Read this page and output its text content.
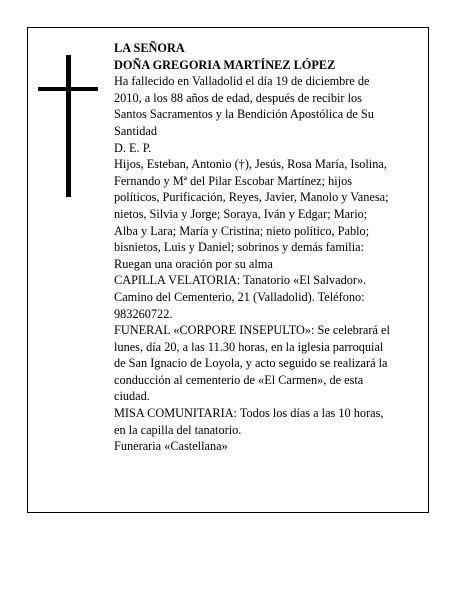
LA SEÑORA
DOÑA GREGORIA MARTÍNEZ LÓPEZ
Ha fallecido en Valladolid el día 19 de diciembre de
2010, a los 88 años de edad, después de recibir los
Santos Sacramentos y la Bendición Apostólica de Su
Santidad
D. E. P.
Hijos, Esteban, Antonio (†), Jesús, Rosa María, Isolina,
Fernando y Mª del Pilar Escobar Martínez; hijos
políticos, Purificación, Reyes, Javier, Manolo y Vanesa;
nietos, Silvia y Jorge; Soraya, Iván y Edgar; Mario;
Alba y Lara; María y Cristina; nieto político, Pablo;
bisnietos, Luis y Daniel; sobrinos y demás familia:
Ruegan una oración por su alma
CAPILLA VELATORIA: Tanatorio «El Salvador».
Camino del Cementerio, 21 (Valladolid). Teléfono:
983260722.
FUNERAL «CORPORE INSEPULTO»: Se celebrará el
lunes, día 20, a las 11.30 horas, en la iglesia parroquial
de San Ignacio de Loyola, y acto seguido se realizará la
conducción al cementerio de «El Carmen», de esta
ciudad.
MISA COMUNITARIA: Todos los días a las 10 horas,
en la capilla del tanatorio.
Funeraria «Castellana»
